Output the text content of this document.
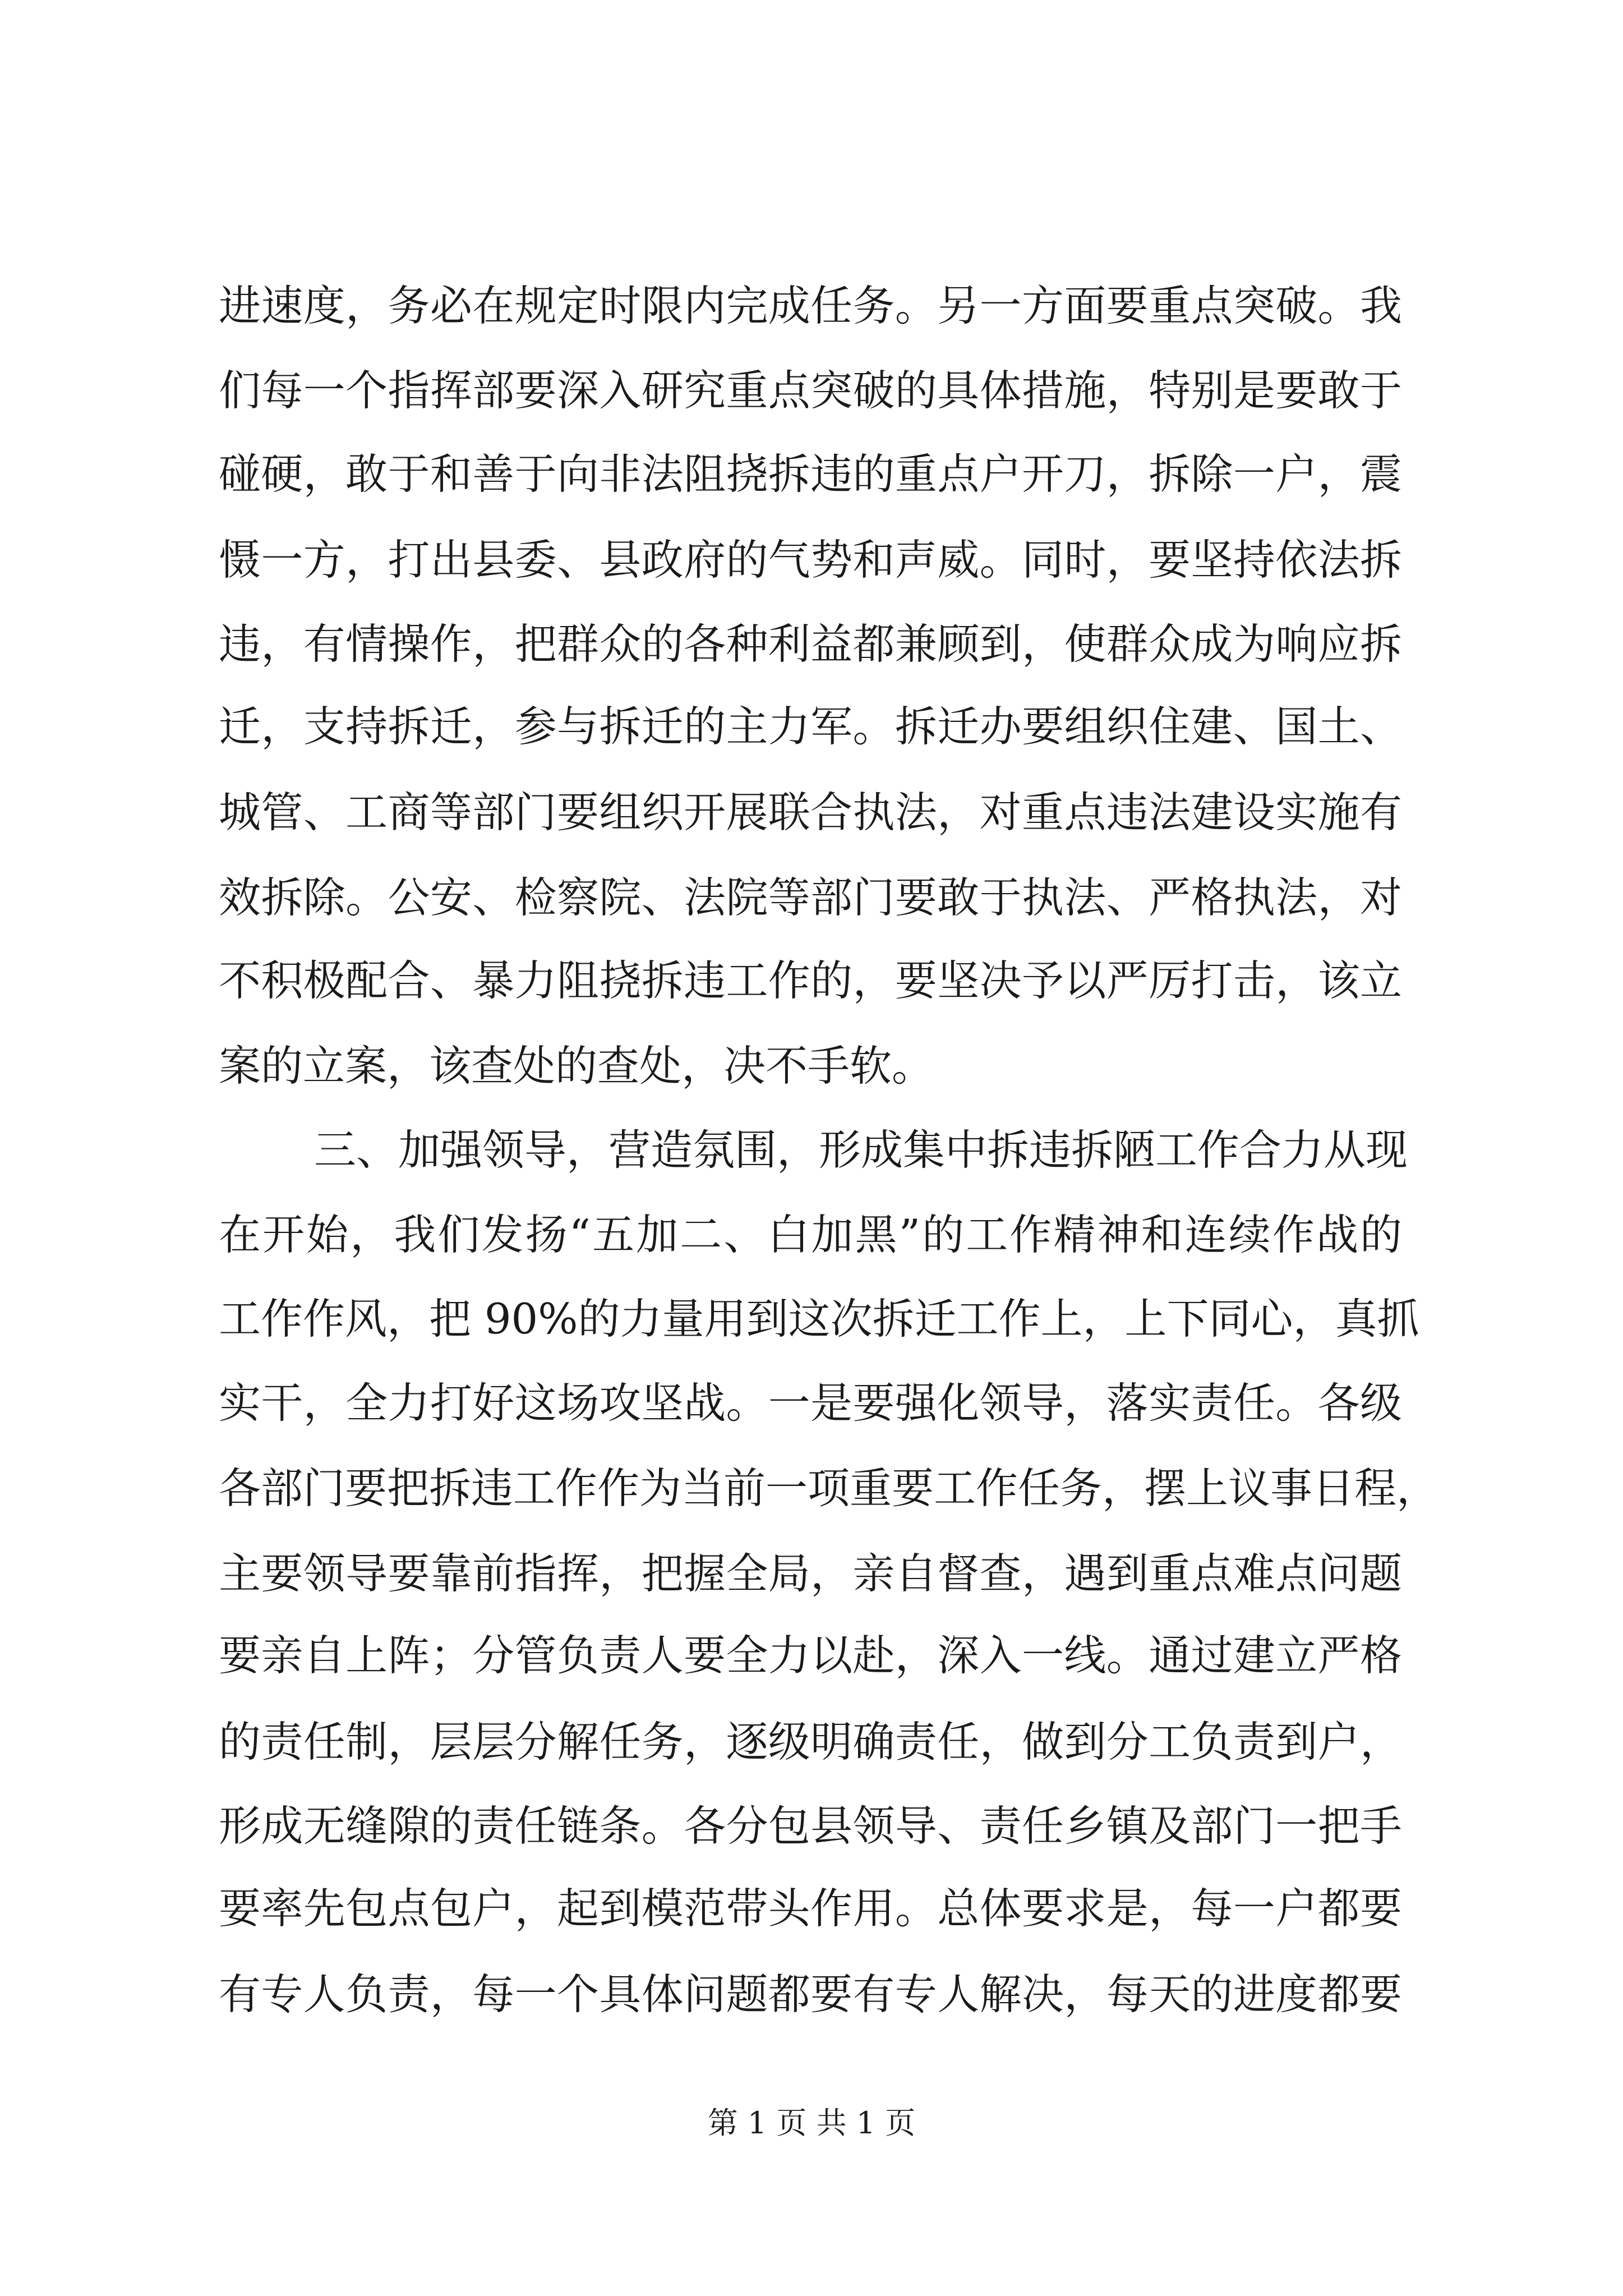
进速度，务必在规定时限内完成任务。另一方面要重点突破。我
们每一个指挥部要深入研究重点突破的具体措施，特别是要敢于
碰硬，敢于和善于向非法阻挠拆违的重点户开刀，拆除一户，震
慑一方，打出县委、县政府的气势和声威。同时，要坚持依法拆
违，有情操作，把群众的各种利益都兼顾到，使群众成为响应拆
迁，支持拆迁，参与拆迁的主力军。拆迁办要组织住建、国土、
城管、工商等部门要组织开展联合执法，对重点违法建设实施有
效拆除。公安、检察院、法院等部门要敢于执法、严格执法，对
不积极配合、暴力阻挠拆违工作的，要坚决予以严厉打击，该立
案的立案，该查处的查处，决不手软。
三、加强领导，营造氛围，形成集中拆违拆陋工作合力从现
在开始，我们发扬“五加二、白加黑”的工作精神和连续作战的
工作作风，把 90%的力量用到这次拆迁工作上，上下同心，真抓
实干，全力打好这场攻坚战。一是要强化领导，落实责任。各级
各部门要把拆违工作作为当前一项重要工作任务，摆上议事日程，
主要领导要靠前指挥，把握全局，亲自督查，遇到重点难点问题
要亲自上阵；分管负责人要全力以赴，深入一线。通过建立严格
的责任制，层层分解任务，逐级明确责任，做到分工负责到户，
形成无缝隙的责任链条。各分包县领导、责任乡镇及部门一把手
要率先包点包户，起到模范带头作用。总体要求是，每一户都要
有专人负责，每一个具体问题都要有专人解决，每天的进度都要
第 1 页 共 1 页
